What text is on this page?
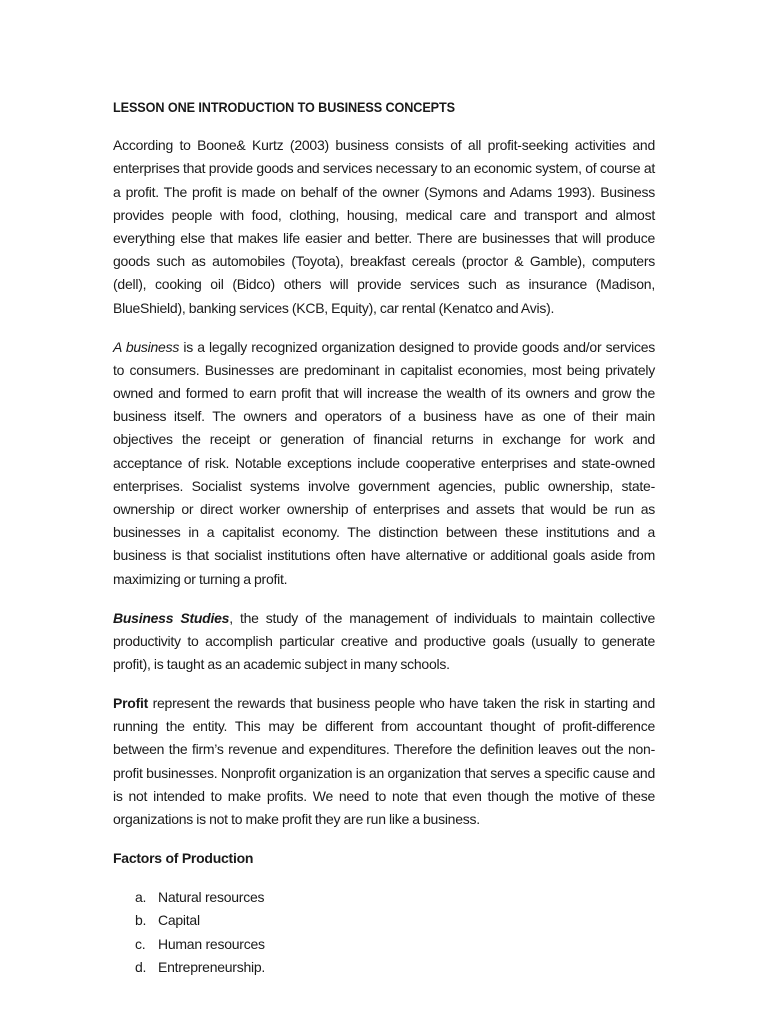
LESSON ONE INTRODUCTION TO BUSINESS CONCEPTS

According to Boone& Kurtz (2003) business consists of all profit-seeking activities and enterprises that provide goods and services necessary to an economic system, of course at a profit. The profit is made on behalf of the owner (Symons and Adams 1993). Business provides people with food, clothing, housing, medical care and transport and almost everything else that makes life easier and better. There are businesses that will produce goods such as automobiles (Toyota), breakfast cereals (proctor & Gamble), computers (dell), cooking oil (Bidco) others will provide services such as insurance (Madison, BlueShield), banking services (KCB, Equity), car rental (Kenatco and Avis).

A business is a legally recognized organization designed to provide goods and/or services to consumers. Businesses are predominant in capitalist economies, most being privately owned and formed to earn profit that will increase the wealth of its owners and grow the business itself. The owners and operators of a business have as one of their main objectives the receipt or generation of financial returns in exchange for work and acceptance of risk. Notable exceptions include cooperative enterprises and state-owned enterprises. Socialist systems involve government agencies, public ownership, state- ownership or direct worker ownership of enterprises and assets that would be run as businesses in a capitalist economy. The distinction between these institutions and a business is that socialist institutions often have alternative or additional goals aside from maximizing or turning a profit.

Business Studies, the study of the management of individuals to maintain collective productivity to accomplish particular creative and productive goals (usually to generate profit), is taught as an academic subject in many schools.

Profit represent the rewards that business people who have taken the risk in starting and running the entity. This may be different from accountant thought of profit-difference between the firm’s revenue and expenditures. Therefore the definition leaves out the non- profit businesses. Nonprofit organization is an organization that serves a specific cause and is not intended to make profits. We need to note that even though the motive of these organizations is not to make profit they are run like a business.

Factors of Production
a. Natural resources
b. Capital
c. Human resources
d. Entrepreneurship.
